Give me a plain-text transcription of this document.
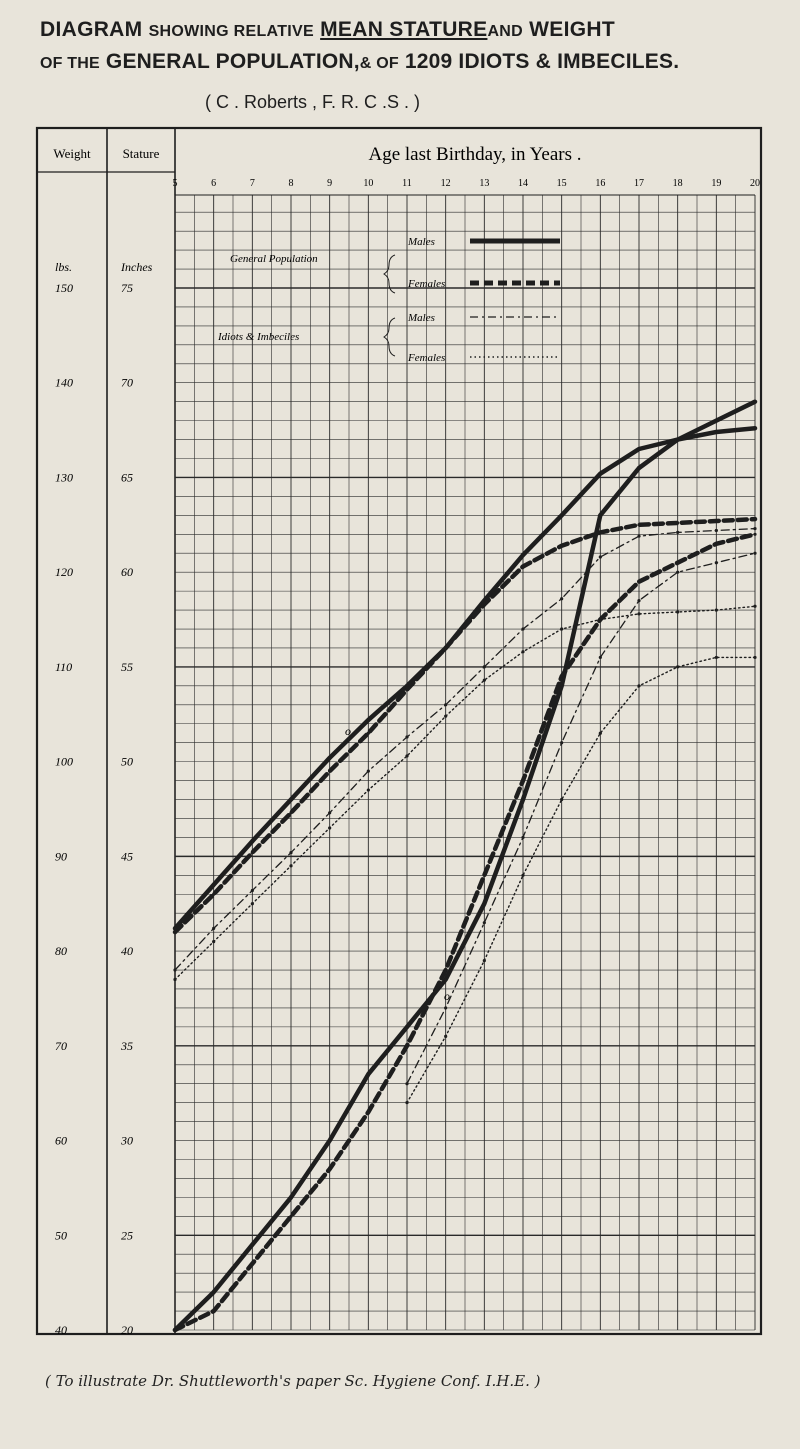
DIAGRAM SHOWING RELATIVE MEAN STATUREAND WEIGHT
OF THE GENERAL POPULATION,& OF 1209 IDIOTS & IMBECILES.
( C . Roberts , F. R. C .S . )
Weight Stature
lbs.	Inches
40
50
60
70
80
90
100
110
120
130
140
150
20
25
30
35
40
45
50
55
60
65
70
75
Age last Birthday, in Years .
5	6	7	8	9	10	11	12	13	14	15	16	17	18	19	20
General Population
Idiots & Imbeciles
Males
Females
Males
Females
o
o
( To illustrate Dr. Shuttleworth's paper Sc. Hygiene Conf. I.H.E. )
